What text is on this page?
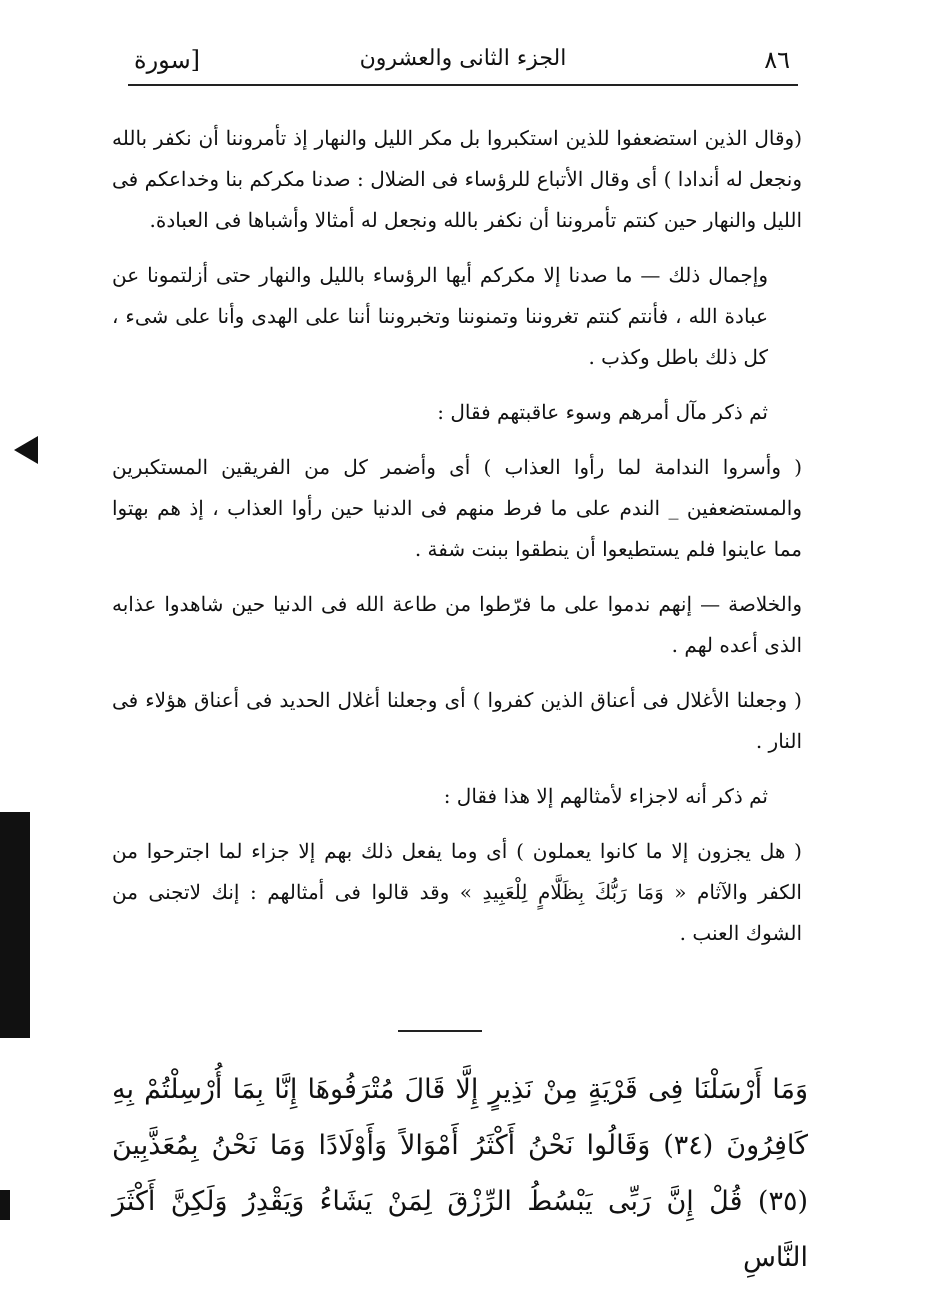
٨٦
الجزء الثانى والعشرون
[سورة

(وقال الذين استضعفوا للذين استكبروا بل مكر الليل والنهار إذ تأمروننا أن نكفر بالله ونجعل له أندادا ) أى وقال الأتباع للرؤساء فى الضلال : صدنا مكركم بنا وخداعكم فى الليل والنهار حين كنتم تأمروننا أن نكفر بالله ونجعل له أمثالا وأشباها فى العبادة.

وإجمال ذلك — ما صدنا إلا مكركم أيها الرؤساء بالليل والنهار حتى أزلتمونا عن عبادة الله ، فأنتم كنتم تغروننا وتمنوننا وتخبروننا أننا على الهدى وأنا على شىء ، كل ذلك باطل وكذب .

ثم ذكر مآل أمرهم وسوء عاقبتهم فقال :

( وأسروا الندامة لما رأوا العذاب ) أى وأضمر كل من الفريقين المستكبرين والمستضعفين _ الندم على ما فرط منهم فى الدنيا حين رأوا العذاب ، إذ هم بهتوا مما عاينوا فلم يستطيعوا أن ينطقوا ببنت شفة .

والخلاصة — إنهم ندموا على ما فرّطوا من طاعة الله فى الدنيا حين شاهدوا عذابه الذى أعده لهم .

( وجعلنا الأغلال فى أعناق الذين كفروا ) أى وجعلنا أغلال الحديد فى أعناق هؤلاء فى النار .

ثم ذكر أنه لاجزاء لأمثالهم إلا هذا فقال :

( هل يجزون إلا ما كانوا يعملون ) أى وما يفعل ذلك بهم إلا جزاء لما اجترحوا من الكفر والآثام « وَمَا رَبُّكَ بِظَلَّامٍ لِلْعَبِيدِ » وقد قالوا فى أمثالهم : إنك لاتجنى من الشوك العنب .

وَمَا أَرْسَلْنَا فِى قَرْيَةٍ مِنْ نَذِيرٍ إِلَّا قَالَ مُتْرَفُوهَا إِنَّا بِمَا أُرْسِلْتُمْ بِهِ كَافِرُونَ (٣٤) وَقَالُوا نَحْنُ أَكْثَرُ أَمْوَالاً وَأَوْلَادًا وَمَا نَحْنُ بِمُعَذَّبِينَ (٣٥) قُلْ إِنَّ رَبِّى يَبْسُطُ الرِّزْقَ لِمَنْ يَشَاءُ وَيَقْدِرُ وَلَكِنَّ أَكْثَرَ النَّاسِ
